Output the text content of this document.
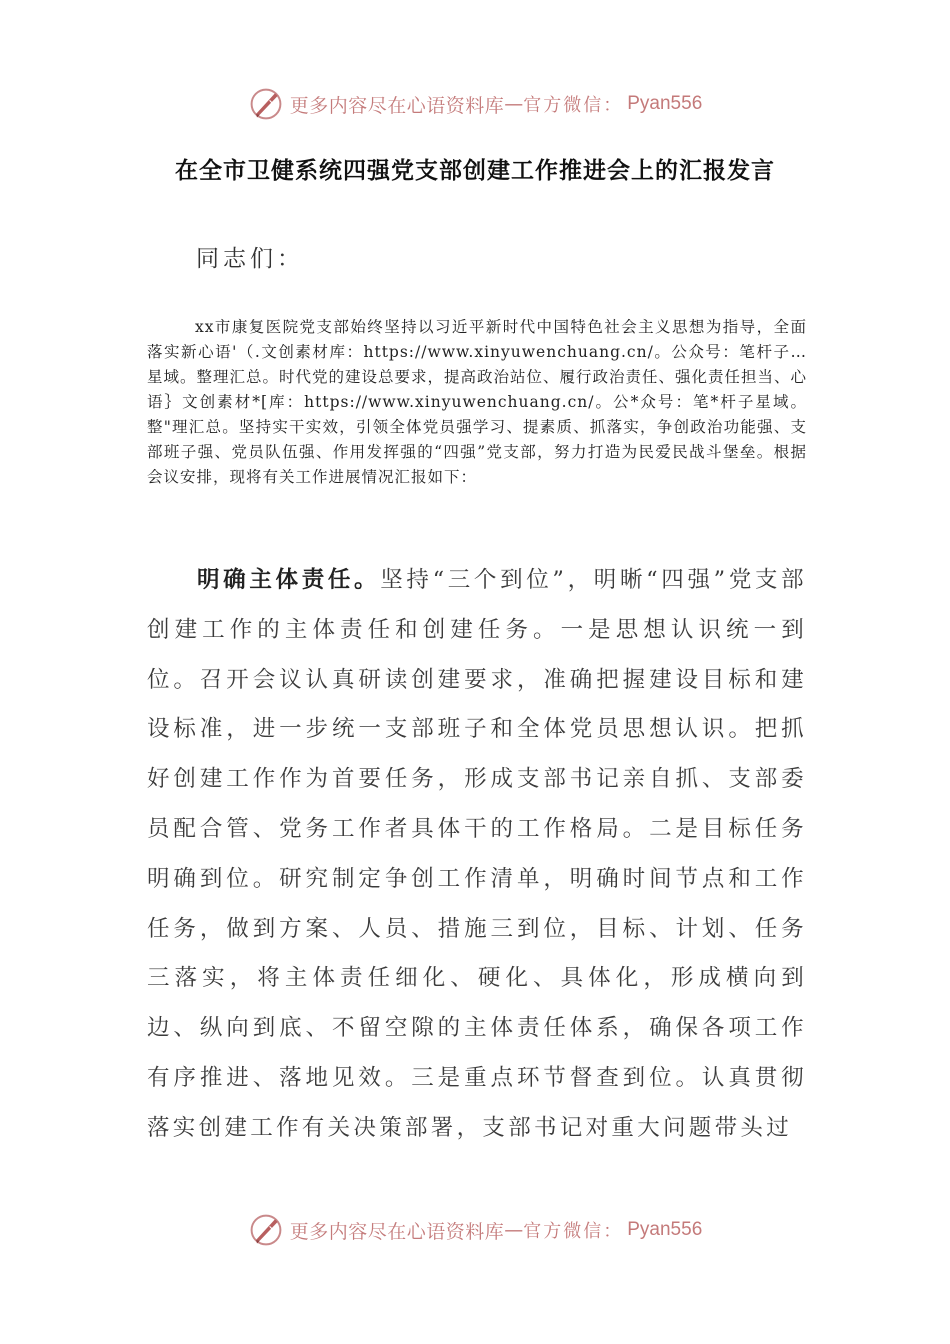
更多内容尽在心语资料库 — 官方微信： Pyan556
在全市卫健系统四强党支部创建工作推进会上的汇报发言

同志们：

xx市康复医院党支部始终坚持以习近平新时代中国特色社会主义思想为指导，全面落实新心语'（.文创素材库：https://www.xinyuwenchuang.cn/。公众号：笔杆子…星域。整理汇总。时代党的建设总要求，提高政治站位、履行政治责任、强化责任担当、心语｝文创素材*[库：https://www.xinyuwenchuang.cn/。公*众号：笔*杆子星域。整"理汇总。坚持实干实效，引领全体党员强学习、提素质、抓落实，争创政治功能强、支部班子强、党员队伍强、作用发挥强的“四强”党支部，努力打造为民爱民战斗堡垒。根据会议安排，现将有关工作进展情况汇报如下：

明确主体责任。坚持“三个到位”，明晰“四强”党支部创建工作的主体责任和创建任务。一是思想认识统一到位。召开会议认真研读创建要求，准确把握建设目标和建设标准，进一步统一支部班子和全体党员思想认识。把抓好创建工作作为首要任务，形成支部书记亲自抓、支部委员配合管、党务工作者具体干的工作格局。二是目标任务明确到位。研究制定争创工作清单，明确时间节点和工作任务，做到方案、人员、措施三到位，目标、计划、任务三落实，将主体责任细化、硬化、具体化，形成横向到边、纵向到底、不留空隙的主体责任体系，确保各项工作有序推进、落地见效。三是重点环节督查到位。认真贯彻落实创建工作有关决策部署，支部书记对重大问题带头过

更多内容尽在心语资料库 — 官方微信： Pyan556
